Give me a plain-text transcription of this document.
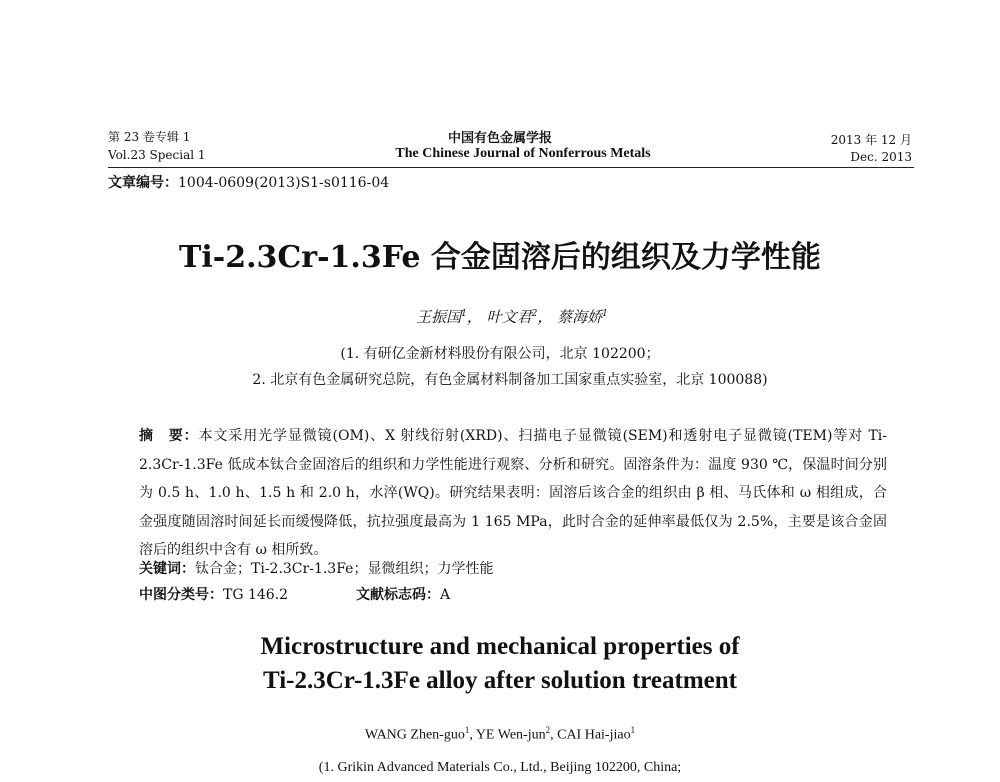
第 23 卷专辑 1
Vol.23 Special 1
中国有色金属学报
The Chinese Journal of Nonferrous Metals
2013 年 12 月
Dec. 2013
文章编号：1004-0609(2013)S1-s0116-04
Ti-2.3Cr-1.3Fe 合金固溶后的组织及力学性能
王振国$^1$， 叶文君$^2$， 蔡海娇$^1$
(1. 有研亿金新材料股份有限公司，北京 102200；
2. 北京有色金属研究总院，有色金属材料制备加工国家重点实验室，北京 100088)
摘　要：本文采用光学显微镜(OM)、X 射线衍射(XRD)、扫描电子显微镜(SEM)和透射电子显微镜(TEM)等对 Ti-2.3Cr-1.3Fe 低成本钛合金固溶后的组织和力学性能进行观察、分析和研究。固溶条件为：温度 930 ℃，保温时间分别为 0.5 h、1.0 h、1.5 h 和 2.0 h，水淬(WQ)。研究结果表明：固溶后该合金的组织由 β 相、马氏体和 ω 相组成，合金强度随固溶时间延长而缓慢降低，抗拉强度最高为 1 165 MPa，此时合金的延伸率最低仅为 2.5%，主要是该合金固溶后的组织中含有 ω 相所致。
关键词：钛合金；Ti-2.3Cr-1.3Fe；显微组织；力学性能
中图分类号：TG 146.2	文献标志码：A
Microstructure and mechanical properties of
Ti-2.3Cr-1.3Fe alloy after solution treatment
WANG Zhen-guo$^1$, YE Wen-jun$^2$, CAI Hai-jiao$^1$
(1. Grikin Advanced Materials Co., Ltd., Beijing 102200, China;
